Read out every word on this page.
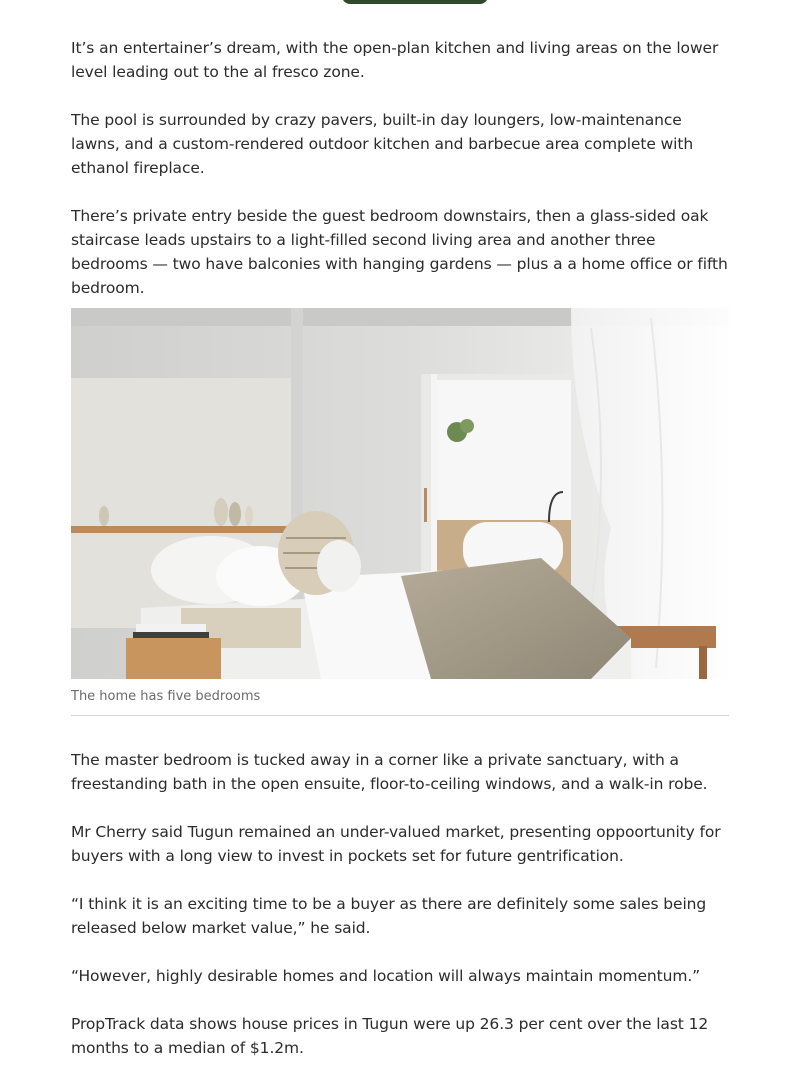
It’s an entertainer’s dream, with the open-plan kitchen and living areas on the lower level leading out to the al fresco zone.

The pool is surrounded by crazy pavers, built-in day loungers, low-maintenance lawns, and a custom-rendered outdoor kitchen and barbecue area complete with ethanol fireplace.

There’s private entry beside the guest bedroom downstairs, then a glass-sided oak staircase leads upstairs to a light-filled second living area and another three bedrooms — two have balconies with hanging gardens — plus a a home office or fifth bedroom.

The home has five bedrooms

The master bedroom is tucked away in a corner like a private sanctuary, with a freestanding bath in the open ensuite, floor-to-ceiling windows, and a walk-in robe.

Mr Cherry said Tugun remained an under-valued market, presenting oppoortunity for buyers with a long view to invest in pockets set for future gentrification.

“I think it is an exciting time to be a buyer as there are definitely some sales being released below market value,” he said.

“However, highly desirable homes and location will always maintain momentum.”

PropTrack data shows house prices in Tugun were up 26.3 per cent over the last 12 months to a median of $1.2m.
